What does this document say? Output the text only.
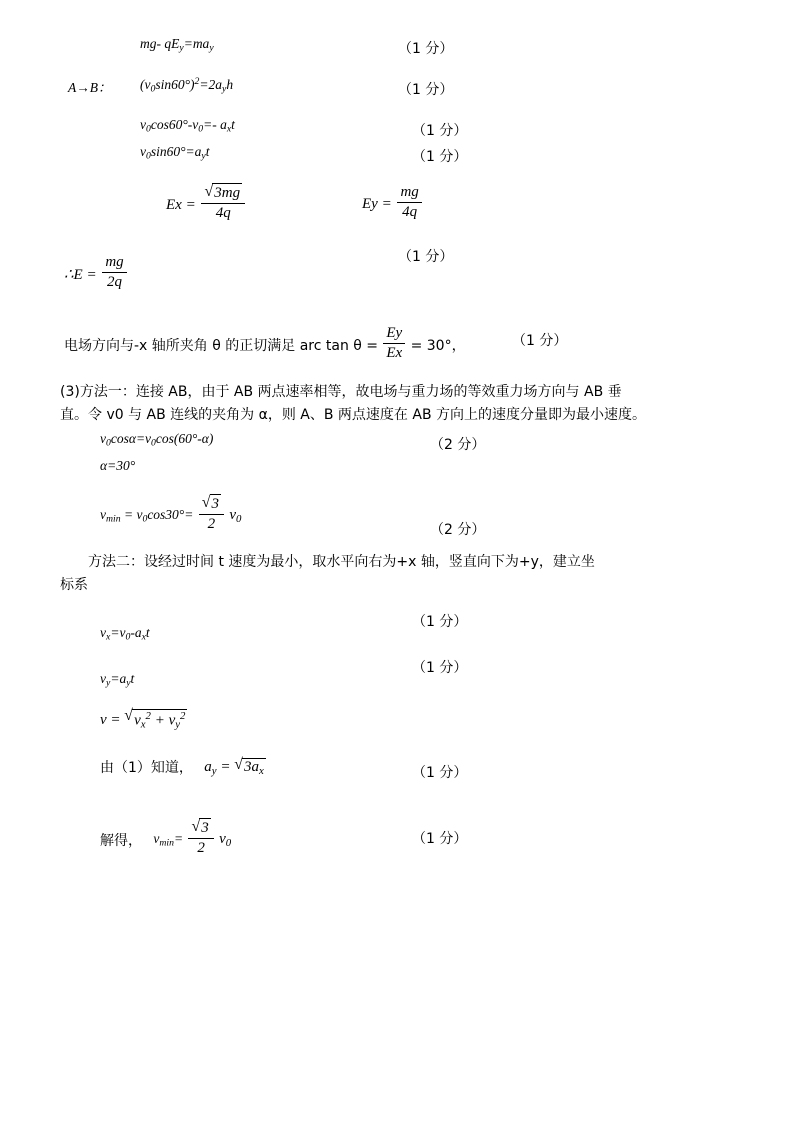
mg- $qE_y=ma_y$	（1 分）
A→B： $(v_0\sin 60^\circ)^2=2a_yh$	（1 分）
$v_0\cos 60^\circ-v_0=-$ $a_xt$	（1 分）
$v_0\sin 60^\circ=a_yt$	（1 分）
Ex = √ $\frac{3mg}{4q}$	$Ey = \frac{mg}{4q}$
（1 分）
∴E = $\frac{mg}{2q}$
电场方向与-x 轴所夹角 θ 的正切满足 arc $\tan \theta = \frac{Ey}{Ex} = 30^\circ$，	（1 分）
(3)方法一：连接 AB，由于 AB 两点速率相等，故电场与重力场的等效重力场方向与 AB 垂
直。令 v0 与 AB 连线的夹角为 α，则 A、B 两点速度在 AB 方向上的速度分量即为最小速度。
$v_0\cos\alpha=v_0\cos(60^\circ-\alpha)$	（2 分）
α=30°
$v_{min} = v_0\cos 30^\circ=$ √ $\frac{3}{2} v_0$
（2 分）
方法二：设经过时间 t 速度为最小，取水平向右为+x 轴，竖直向下为+y，建立坐
标系
（1 分）
$v_x=v_0-a_xt$
（1 分）
$v_y=a_yt$
v = √ $v_x^2 + v_y^2$
由（1）知道， $a_y$ = √ $3a_x$	（1 分）
解得， $v_{min}=$ √ $\frac{3}{2} v_0$	（1 分）
